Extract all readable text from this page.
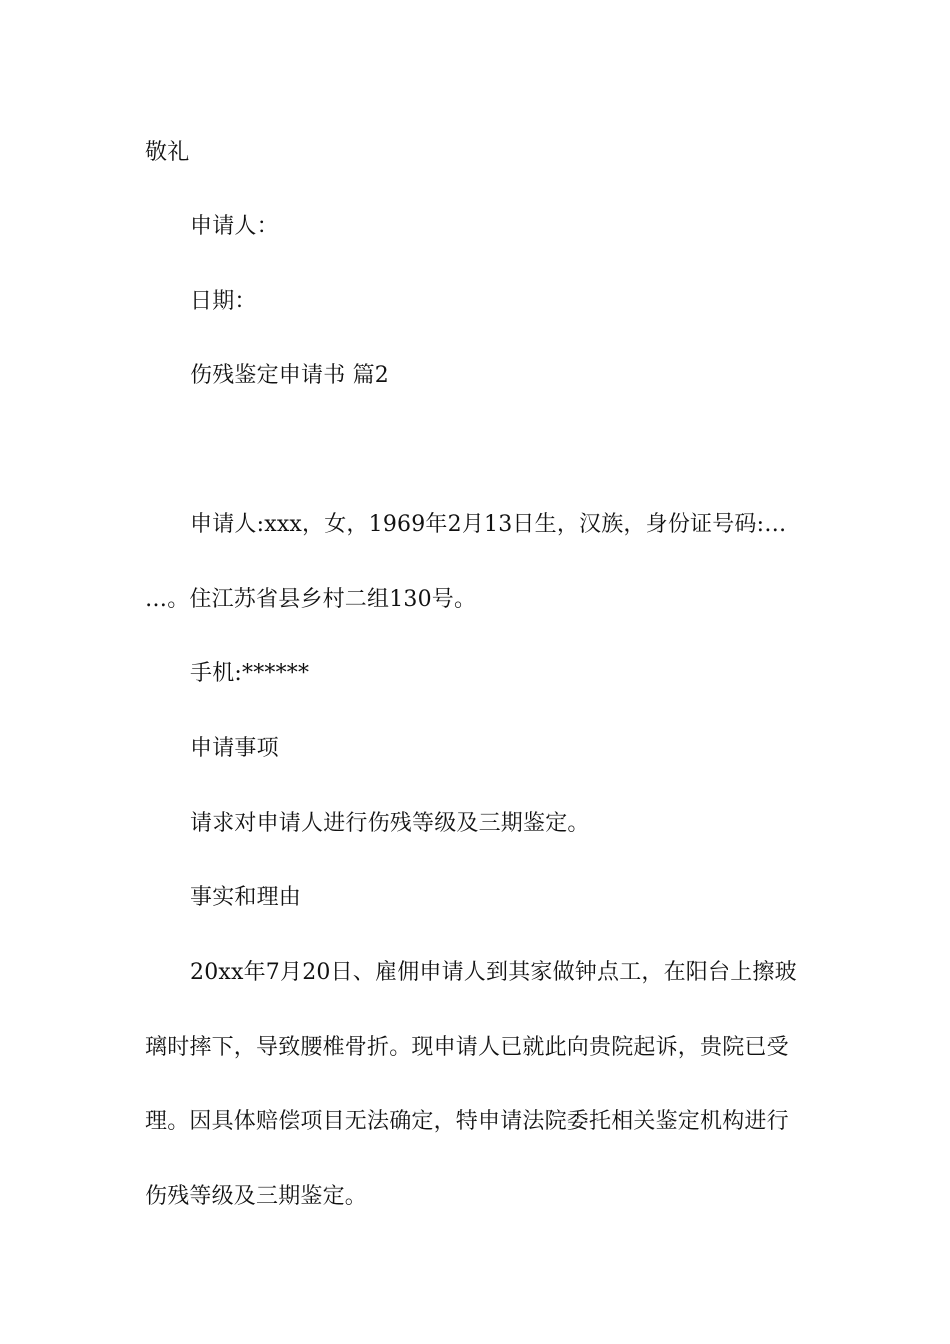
敬礼
申请人：
日期：
伤残鉴定申请书 篇2
申请人:xxx，女，1969年2月13日生，汉族，身份证号码:…
…。住江苏省县乡村二组130号。
手机:******
申请事项
请求对申请人进行伤残等级及三期鉴定。
事实和理由
20xx年7月20日、雇佣申请人到其家做钟点工，在阳台上擦玻
璃时摔下，导致腰椎骨折。现申请人已就此向贵院起诉，贵院已受
理。因具体赔偿项目无法确定，特申请法院委托相关鉴定机构进行
伤残等级及三期鉴定。
